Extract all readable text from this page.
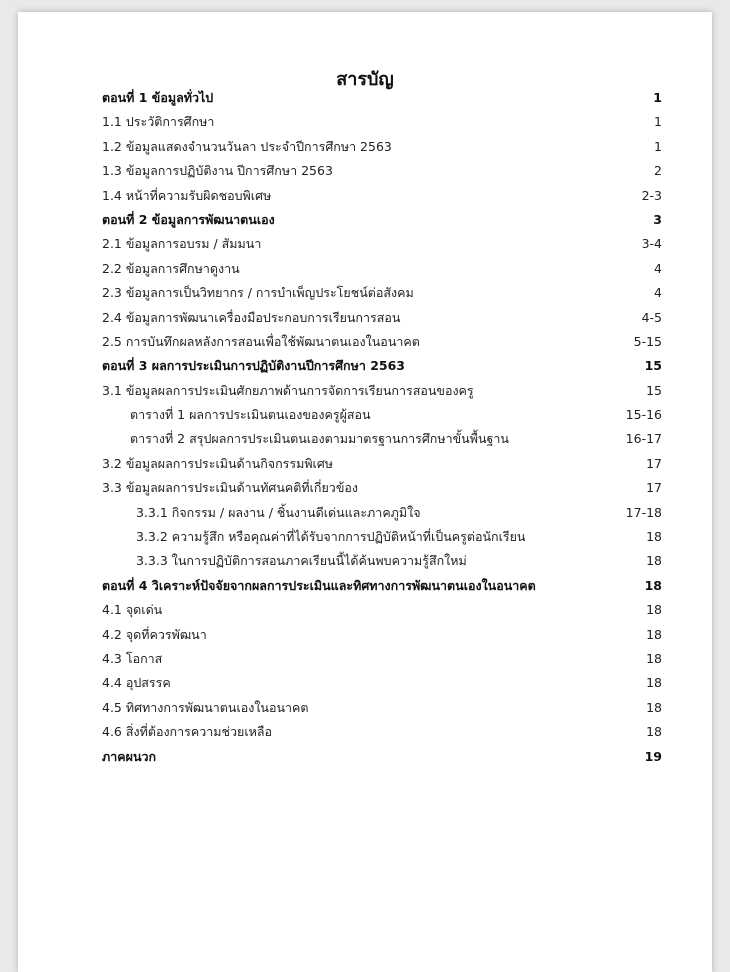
สารบัญ
ตอนที่ 1 ข้อมูลทั่วไป	1
1.1 ประวัติการศึกษา	1
1.2 ข้อมูลแสดงจำนวนวันลา ประจำปีการศึกษา 2563	1
1.3 ข้อมูลการปฏิบัติงาน ปีการศึกษา 2563	2
1.4 หน้าที่ความรับผิดชอบพิเศษ	2-3
ตอนที่ 2 ข้อมูลการพัฒนาตนเอง	3
2.1 ข้อมูลการอบรม / สัมมนา	3-4
2.2 ข้อมูลการศึกษาดูงาน	4
2.3 ข้อมูลการเป็นวิทยากร / การบำเพ็ญประโยชน์ต่อสังคม	4
2.4 ข้อมูลการพัฒนาเครื่องมือประกอบการเรียนการสอน	4-5
2.5 การบันทึกผลหลังการสอนเพื่อใช้พัฒนาตนเองในอนาคต	5-15
ตอนที่ 3 ผลการประเมินการปฏิบัติงานปีการศึกษา 2563	15
3.1 ข้อมูลผลการประเมินศักยภาพด้านการจัดการเรียนการสอนของครู	15
ตารางที่ 1 ผลการประเมินตนเองของครูผู้สอน	15-16
ตารางที่ 2 สรุปผลการประเมินตนเองตามมาตรฐานการศึกษาขั้นพื้นฐาน	16-17
3.2 ข้อมูลผลการประเมินด้านกิจกรรมพิเศษ	17
3.3 ข้อมูลผลการประเมินด้านทัศนคติที่เกี่ยวข้อง	17
3.3.1 กิจกรรม / ผลงาน / ชิ้นงานดีเด่นและภาคภูมิใจ	17-18
3.3.2 ความรู้สึก หรือคุณค่าที่ได้รับจากการปฏิบัติหน้าที่เป็นครูต่อนักเรียน	18
3.3.3 ในการปฏิบัติการสอนภาคเรียนนี้ได้ค้นพบความรู้สึกใหม่	18
ตอนที่ 4 วิเคราะห์ปัจจัยจากผลการประเมินและทิศทางการพัฒนาตนเองในอนาคต	18
4.1 จุดเด่น	18
4.2 จุดที่ควรพัฒนา	18
4.3 โอกาส	18
4.4 อุปสรรค	18
4.5 ทิศทางการพัฒนาตนเองในอนาคต	18
4.6 สิ่งที่ต้องการความช่วยเหลือ	18
ภาคผนวก	19
